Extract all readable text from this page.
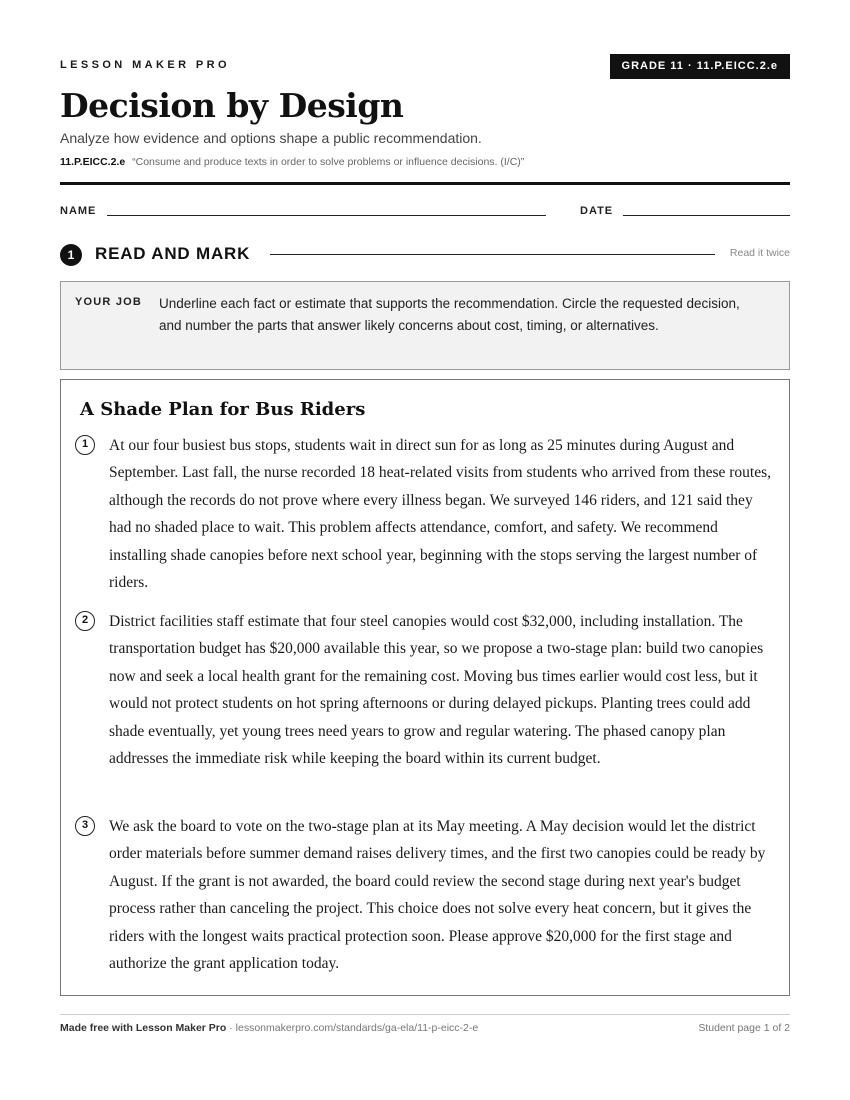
LESSON MAKER PRO	GRADE 11 · 11.P.EICC.2.e
Decision by Design
Analyze how evidence and options shape a public recommendation.
11.P.EICC.2.e “Consume and produce texts in order to solve problems or influence decisions. (I/C)”
NAME	DATE
1	READ AND MARK	Read it twice
YOUR JOB Underline each fact or estimate that supports the recommendation. Circle the requested decision, and number the parts that answer likely concerns about cost, timing, or alternatives.
A Shade Plan for Bus Riders
1	At our four busiest bus stops, students wait in direct sun for as long as 25 minutes during August and September. Last fall, the nurse recorded 18 heat-related visits from students who arrived from these routes, although the records do not prove where every illness began. We surveyed 146 riders, and 121 said they had no shaded place to wait. This problem affects attendance, comfort, and safety. We recommend installing shade canopies before next school year, beginning with the stops serving the largest number of riders.

2	District facilities staff estimate that four steel canopies would cost $32,000, including installation. The transportation budget has $20,000 available this year, so we propose a two-stage plan: build two canopies now and seek a local health grant for the remaining cost. Moving bus times earlier would cost less, but it would not protect students on hot spring afternoons or during delayed pickups. Planting trees could add shade eventually, yet young trees need years to grow and regular watering. The phased canopy plan addresses the immediate risk while keeping the board within its current budget.

3	We ask the board to vote on the two-stage plan at its May meeting. A May decision would let the district order materials before summer demand raises delivery times, and the first two canopies could be ready by August. If the grant is not awarded, the board could review the second stage during next year's budget process rather than canceling the project. This choice does not solve every heat concern, but it gives the riders with the longest waits practical protection soon. Please approve $20,000 for the first stage and authorize the grant application today.

Made free with Lesson Maker Pro · lessonmakerpro.com/standards/ga-ela/11-p-eicc-2-e	Student page 1 of 2
